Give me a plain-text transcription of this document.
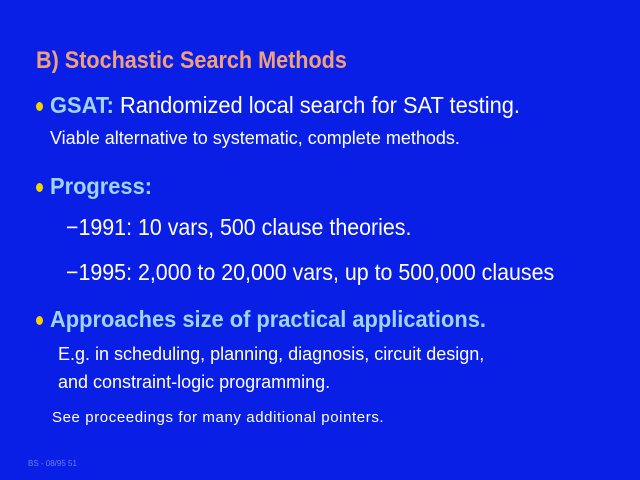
B) Stochastic Search Methods
GSAT: Randomized local search for SAT testing.
Viable alternative to systematic, complete methods.
Progress:
−1991: 10 vars, 500 clause theories.
−1995: 2,000 to 20,000 vars, up to 500,000 clauses
Approaches size of practical applications.
E.g. in scheduling, planning, diagnosis, circuit design,
and constraint-logic programming.
See proceedings for many additional pointers.
BS - 08/95 51
